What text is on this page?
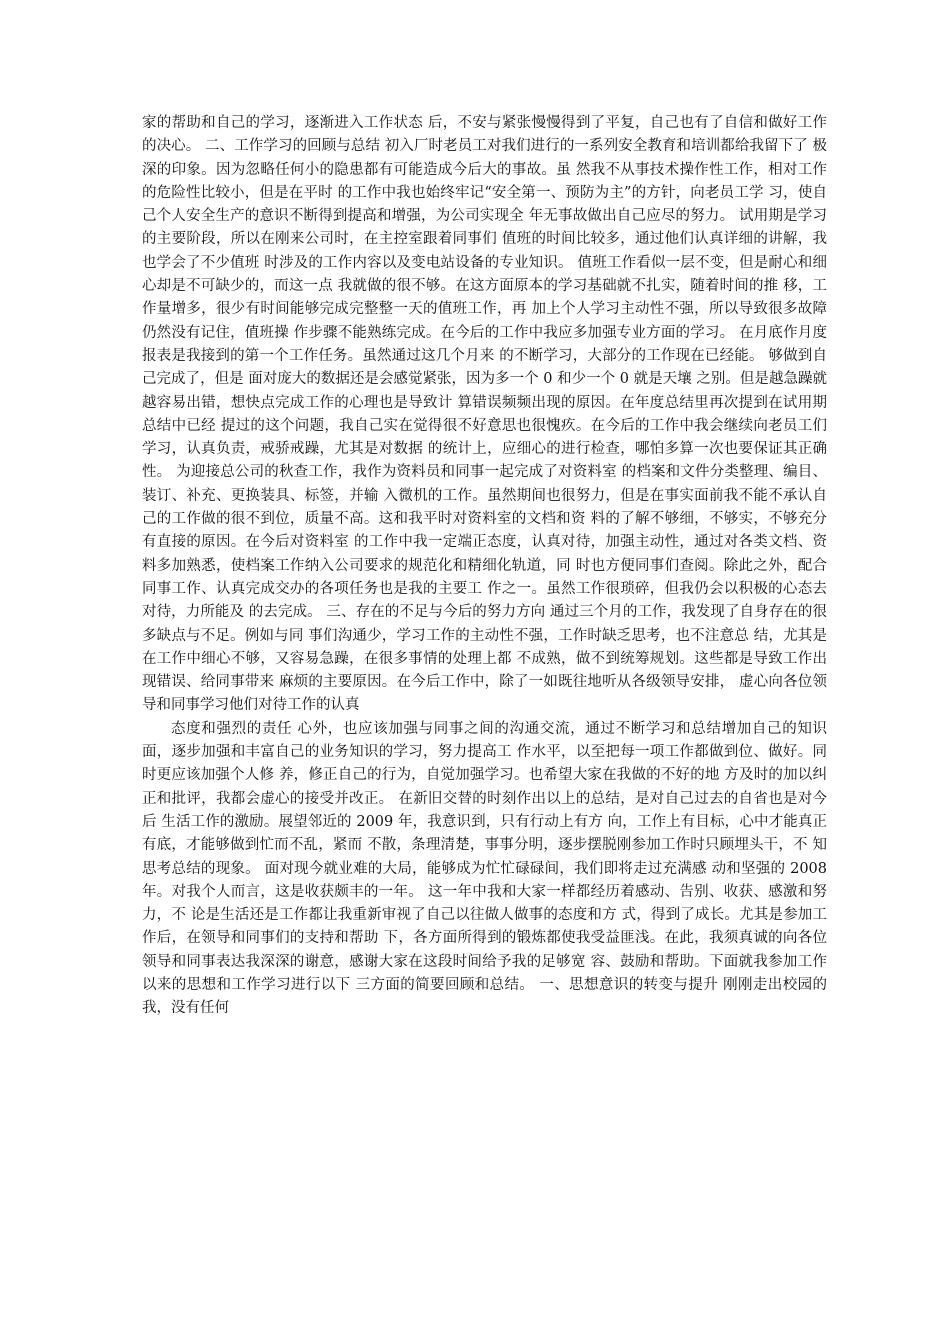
家的帮助和自己的学习，逐渐进入工作状态 后，不安与紧张慢慢得到了平复，自己也有了自信和做好工作的决心。 二、工作学习的回顾与总结 初入厂时老员工对我们进行的一系列安全教育和培训都给我留下了 极深的印象。因为忽略任何小的隐患都有可能造成今后大的事故。虽 然我不从事技术操作性工作，相对工作的危险性比较小，但是在平时 的工作中我也始终牢记“安全第一、预防为主”的方针，向老员工学 习，使自己个人安全生产的意识不断得到提高和增强，为公司实现全 年无事故做出自己应尽的努力。 试用期是学习的主要阶段，所以在刚来公司时，在主控室跟着同事们 值班的时间比较多，通过他们认真详细的讲解，我也学会了不少值班 时涉及的工作内容以及变电站设备的专业知识。 值班工作看似一层不变，但是耐心和细心却是不可缺少的，而这一点 我就做的很不够。在这方面原本的学习基础就不扎实，随着时间的推 移，工作量增多，很少有时间能够完成完整整一天的值班工作，再 加上个人学习主动性不强，所以导致很多故障仍然没有记住，值班操 作步骤不能熟练完成。在今后的工作中我应多加强专业方面的学习。 在月底作月度报表是我接到的第一个工作任务。虽然通过这几个月来 的不断学习，大部分的工作现在已经能。 够做到自己完成了，但是 面对庞大的数据还是会感觉紧张，因为多一个 0 和少一个 0 就是天壤 之别。但是越急躁就越容易出错，想快点完成工作的心理也是导致计 算错误频频出现的原因。在年度总结里再次提到在试用期总结中已经 提过的这个问题，我自己实在觉得很不好意思也很愧疚。在今后的工作中我会继续向老员工们学习，认真负责，戒骄戒躁，尤其是对数据 的统计上，应细心的进行检查，哪怕多算一次也要保证其正确性。 为迎接总公司的秋查工作，我作为资料员和同事一起完成了对资料室 的档案和文件分类整理、编目、装订、补充、更换装具、标签，并输 入微机的工作。虽然期间也很努力，但是在事实面前我不能不承认自 己的工作做的很不到位，质量不高。这和我平时对资料室的文档和资 料的了解不够细，不够实，不够充分有直接的原因。在今后对资料室 的工作中我一定端正态度，认真对待，加强主动性，通过对各类文档、资料多加熟悉，使档案工作纳入公司要求的规范化和精细化轨道，同 时也方便同事们查阅。除此之外，配合同事工作、认真完成交办的各项任务也是我的主要工 作之一。虽然工作很琐碎，但我仍会以积极的心态去对待，力所能及 的去完成。 三、存在的不足与今后的努力方向 通过三个月的工作，我发现了自身存在的很多缺点与不足。例如与同 事们沟通少，学习工作的主动性不强，工作时缺乏思考，也不注意总 结，尤其是在工作中细心不够，又容易急躁，在很多事情的处理上都 不成熟，做不到统筹规划。这些都是导致工作出现错误、给同事带来 麻烦的主要原因。在今后工作中，除了一如既往地听从各级领导安排， 虚心向各位领导和同事学习他们对待工作的认真

态度和强烈的责任 心外，也应该加强与同事之间的沟通交流，通过不断学习和总结增加自己的知识面，逐步加强和丰富自己的业务知识的学习，努力提高工 作水平，以至把每一项工作都做到位、做好。同时更应该加强个人修 养，修正自己的行为，自觉加强学习。也希望大家在我做的不好的地 方及时的加以纠正和批评，我都会虚心的接受并改正。 在新旧交替的时刻作出以上的总结，是对自己过去的自省也是对今后 生活工作的激励。展望邻近的 2009 年，我意识到，只有行动上有方 向，工作上有目标，心中才能真正有底，才能够做到忙而不乱，紧而 不散，条理清楚，事事分明，逐步摆脱刚参加工作时只顾埋头干，不 知思考总结的现象。 面对现今就业难的大局，能够成为忙忙碌碌间，我们即将走过充满感 动和坚强的 2008 年。对我个人而言，这是收获颇丰的一年。 这一年中我和大家一样都经历着感动、告别、收获、感激和努力，不 论是生活还是工作都让我重新审视了自己以往做人做事的态度和方 式，得到了成长。尤其是参加工作后，在领导和同事们的支持和帮助 下，各方面所得到的锻炼都使我受益匪浅。在此，我须真诚的向各位 领导和同事表达我深深的谢意，感谢大家在这段时间给予我的足够宽 容、鼓励和帮助。下面就我参加工作以来的思想和工作学习进行以下 三方面的简要回顾和总结。 一、思想意识的转变与提升 刚刚走出校园的我，没有任何
